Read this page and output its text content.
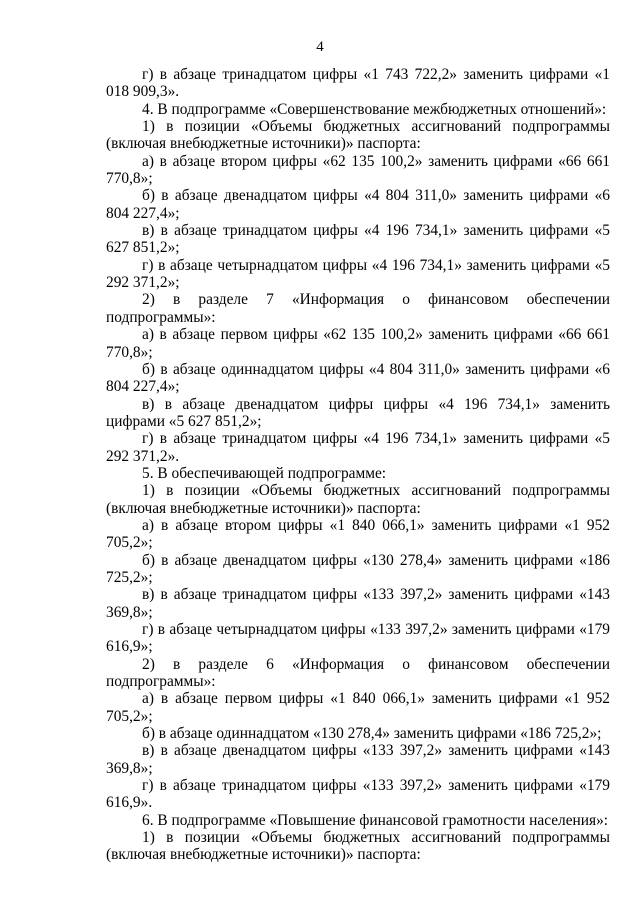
4

г) в абзаце тринадцатом цифры «1 743 722,2» заменить цифрами «1 018 909,3».

4. В подпрограмме «Совершенствование межбюджетных отношений»:

1) в позиции «Объемы бюджетных ассигнований подпрограммы (включая внебюджетные источники)» паспорта:

а) в абзаце втором цифры «62 135 100,2» заменить цифрами «66 661 770,8»;

б) в абзаце двенадцатом цифры «4 804 311,0» заменить цифрами «6 804 227,4»;

в) в абзаце тринадцатом цифры «4 196 734,1» заменить цифрами «5 627 851,2»;

г) в абзаце четырнадцатом цифры «4 196 734,1» заменить цифрами «5 292 371,2»;

2) в разделе 7 «Информация о финансовом обеспечении подпрограммы»:

а) в абзаце первом цифры «62 135 100,2» заменить цифрами «66 661 770,8»;

б) в абзаце одиннадцатом цифры «4 804 311,0» заменить цифрами «6 804 227,4»;

в) в абзаце двенадцатом цифры цифры «4 196 734,1» заменить цифрами «5 627 851,2»;

г) в абзаце тринадцатом цифры «4 196 734,1» заменить цифрами «5 292 371,2».

5. В обеспечивающей подпрограмме:

1) в позиции «Объемы бюджетных ассигнований подпрограммы (включая внебюджетные источники)» паспорта:

а) в абзаце втором цифры «1 840 066,1» заменить цифрами «1 952 705,2»;

б) в абзаце двенадцатом цифры «130 278,4» заменить цифрами «186 725,2»;

в) в абзаце тринадцатом цифры «133 397,2» заменить цифрами «143 369,8»;

г) в абзаце четырнадцатом цифры «133 397,2» заменить цифрами «179 616,9»;

2) в разделе 6 «Информация о финансовом обеспечении подпрограммы»:

а) в абзаце первом цифры «1 840 066,1» заменить цифрами «1 952 705,2»;

б) в абзаце одиннадцатом «130 278,4» заменить цифрами «186 725,2»;

в) в абзаце двенадцатом цифры «133 397,2» заменить цифрами «143 369,8»;

г) в абзаце тринадцатом цифры «133 397,2» заменить цифрами «179 616,9».

6. В подпрограмме «Повышение финансовой грамотности населения»:

1) в позиции «Объемы бюджетных ассигнований подпрограммы (включая внебюджетные источники)» паспорта:
